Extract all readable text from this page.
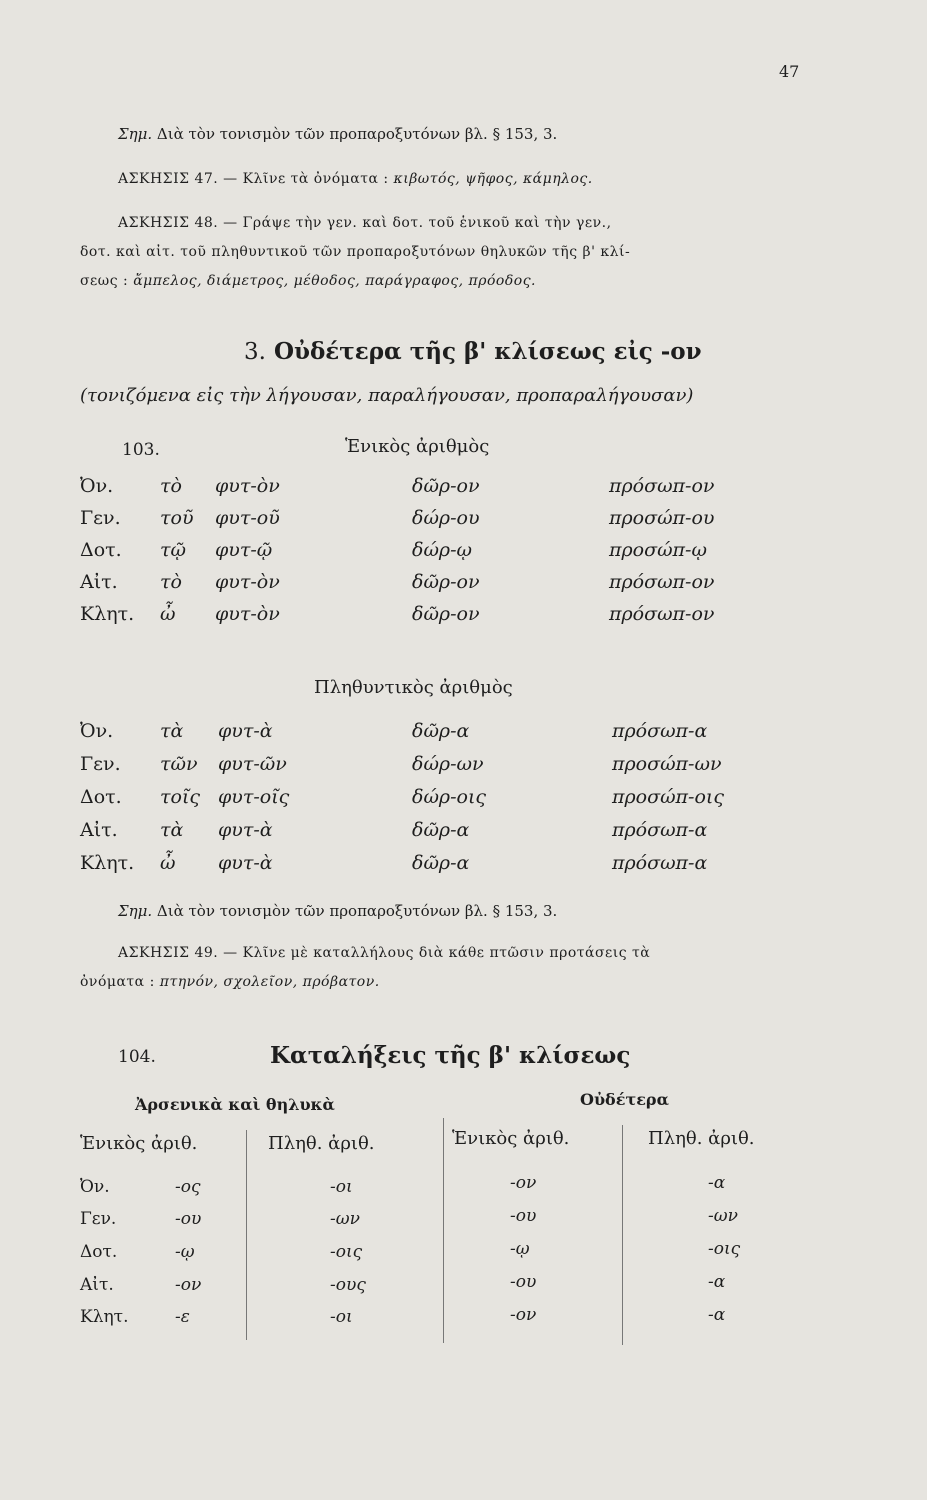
47
Σημ. Διὰ τὸν τονισμὸν τῶν προπαροξυτόνων βλ. § 153, 3.
ΑΣΚΗΣΙΣ 47. — Κλῖνε τὰ ὀνόματα : κιβωτός, ψῆφος, κάμηλος.
ΑΣΚΗΣΙΣ 48. — Γράψε τὴν γεν. καὶ δοτ. τοῦ ἑνικοῦ καὶ τὴν γεν.,
δοτ. καὶ αἰτ. τοῦ πληθυντικοῦ τῶν προπαροξυτόνων θηλυκῶν τῆς β' κλί-
σεως : ἄμπελος, διάμετρος, μέθοδος, παράγραφος, πρόοδος.
3. Οὐδέτερα τῆς β' κλίσεως εἰς -ον
(τονιζόμενα εἰς τὴν λήγουσαν, παραλήγουσαν, προπαραλήγουσαν)
103.	Ἑνικὸς ἀριθμὸς
Ὀν. τὸ φυτ-ὸν	δῶρ-ον	πρόσωπ-ον
Γεν. τοῦ φυτ-οῦ	δώρ-ου	προσώπ-ου
Δοτ. τῷ φυτ-ῷ	δώρ-ῳ	προσώπ-ῳ
Αἰτ. τὸ φυτ-ὸν	δῶρ-ον	πρόσωπ-ον
Κλητ. ὦ φυτ-ὸν	δῶρ-ον	πρόσωπ-ον
Πληθυντικὸς ἀριθμὸς
Ὀν. τὰ φυτ-ὰ	δῶρ-α	πρόσωπ-α
Γεν. τῶν φυτ-ῶν	δώρ-ων	προσώπ-ων
Δοτ. τοῖς φυτ-οῖς	δώρ-οις	προσώπ-οις
Αἰτ. τὰ φυτ-ὰ	δῶρ-α	πρόσωπ-α
Κλητ. ὦ φυτ-ὰ	δῶρ-α	πρόσωπ-α
Σημ. Διὰ τὸν τονισμὸν τῶν προπαροξυτόνων βλ. § 153, 3.
ΑΣΚΗΣΙΣ 49. — Κλῖνε μὲ καταλλήλους διὰ κάθε πτῶσιν προτάσεις τὰ
ὀνόματα : πτηνόν, σχολεῖον, πρόβατον.
104.	Καταλήξεις τῆς β' κλίσεως
Ἀρσενικὰ καὶ θηλυκὰ	Οὐδέτερα
Ἑνικὸς ἀριθ.	Πληθ. ἀριθ.	Ἑνικὸς ἀριθ.	Πληθ. ἀριθ.
Ὀν.	-ος	-οι	-ον	-α
Γεν.	-ου	-ων	-ου	-ων
Δοτ.	-ῳ	-οις	-ῳ	-οις
Αἰτ.	-ον	-ους	-ου	-α
Κλητ.	-ε	-οι	-ον	-α
